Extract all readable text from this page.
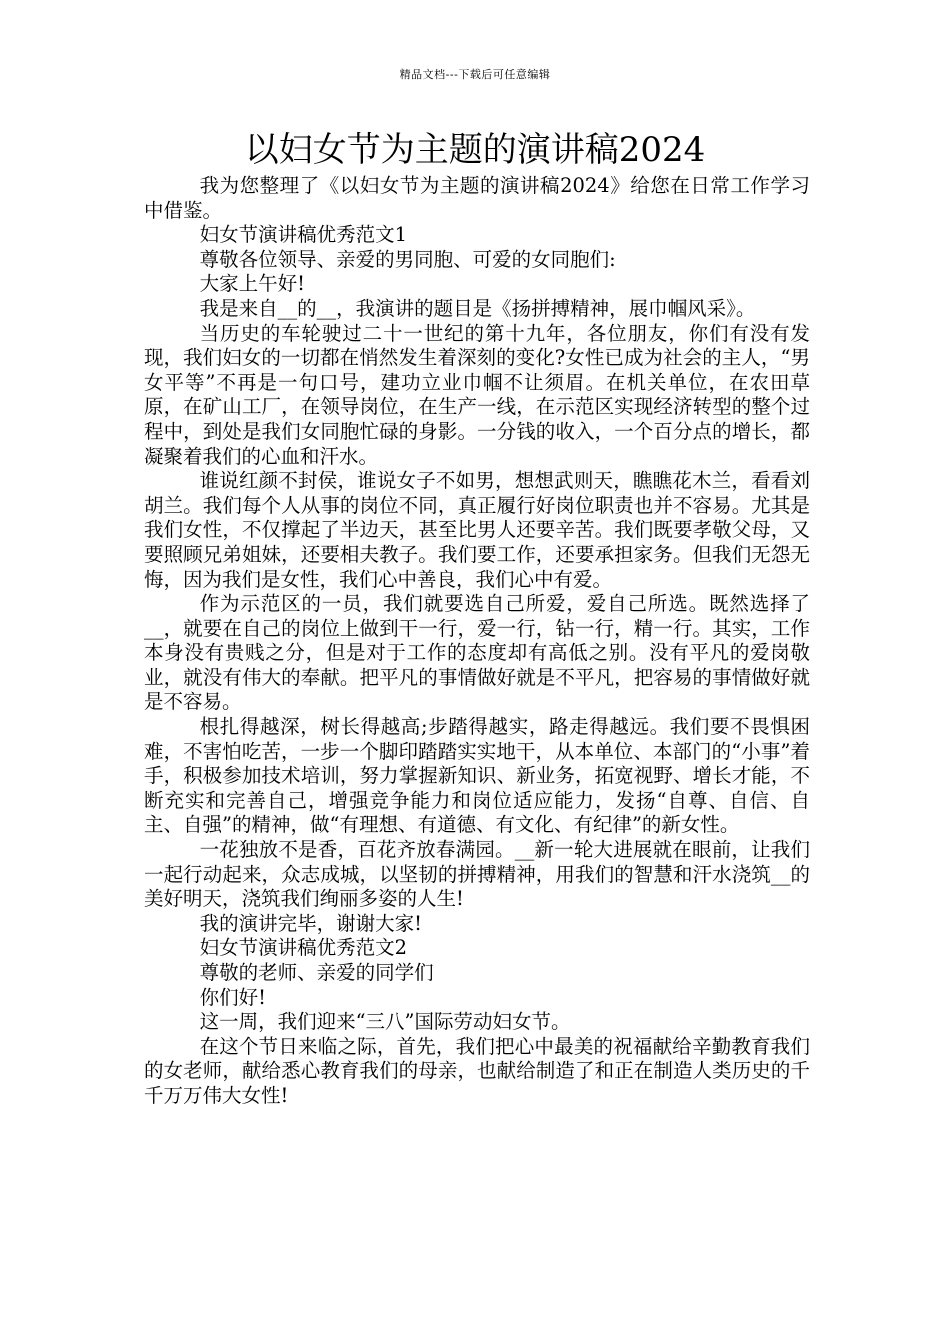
精品文档---下载后可任意编辑
以妇女节为主题的演讲稿2024

我为您整理了《以妇女节为主题的演讲稿2024》给您在日常工作学习中借鉴。

妇女节演讲稿优秀范文1

尊敬各位领导、亲爱的男同胞、可爱的女同胞们:

大家上午好!

我是来自__的__，我演讲的题目是《扬拼搏精神，展巾帼风采》。

当历史的车轮驶过二十一世纪的第十九年，各位朋友，你们有没有发现，我们妇女的一切都在悄然发生着深刻的变化?女性已成为社会的主人，“男女平等”不再是一句口号，建功立业巾帼不让须眉。在机关单位，在农田草原，在矿山工厂，在领导岗位，在生产一线，在示范区实现经济转型的整个过程中，到处是我们女同胞忙碌的身影。一分钱的收入，一个百分点的增长，都凝聚着我们的心血和汗水。

谁说红颜不封侯，谁说女子不如男，想想武则天，瞧瞧花木兰，看看刘胡兰。我们每个人从事的岗位不同，真正履行好岗位职责也并不容易。尤其是我们女性，不仅撑起了半边天，甚至比男人还要辛苦。我们既要孝敬父母，又要照顾兄弟姐妹，还要相夫教子。我们要工作，还要承担家务。但我们无怨无悔，因为我们是女性，我们心中善良，我们心中有爱。

作为示范区的一员，我们就要选自己所爱，爱自己所选。既然选择了__，就要在自己的岗位上做到干一行，爱一行，钻一行，精一行。其实，工作本身没有贵贱之分，但是对于工作的态度却有高低之别。没有平凡的爱岗敬业，就没有伟大的奉献。把平凡的事情做好就是不平凡，把容易的事情做好就是不容易。

根扎得越深，树长得越高;步踏得越实，路走得越远。我们要不畏惧困难，不害怕吃苦，一步一个脚印踏踏实实地干，从本单位、本部门的“小事”着手，积极参加技术培训，努力掌握新知识、新业务，拓宽视野、增长才能，不断充实和完善自己，增强竞争能力和岗位适应能力，发扬“自尊、自信、自主、自强”的精神，做“有理想、有道德、有文化、有纪律”的新女性。

一花独放不是香，百花齐放春满园。__新一轮大进展就在眼前，让我们一起行动起来，众志成城，以坚韧的拼搏精神，用我们的智慧和汗水浇筑__的美好明天，浇筑我们绚丽多姿的人生!

我的演讲完毕，谢谢大家!

妇女节演讲稿优秀范文2

尊敬的老师、亲爱的同学们

你们好!

这一周，我们迎来“三八”国际劳动妇女节。

在这个节日来临之际，首先，我们把心中最美的祝福献给辛勤教育我们的女老师，献给悉心教育我们的母亲，也献给制造了和正在制造人类历史的千千万万伟大女性!
